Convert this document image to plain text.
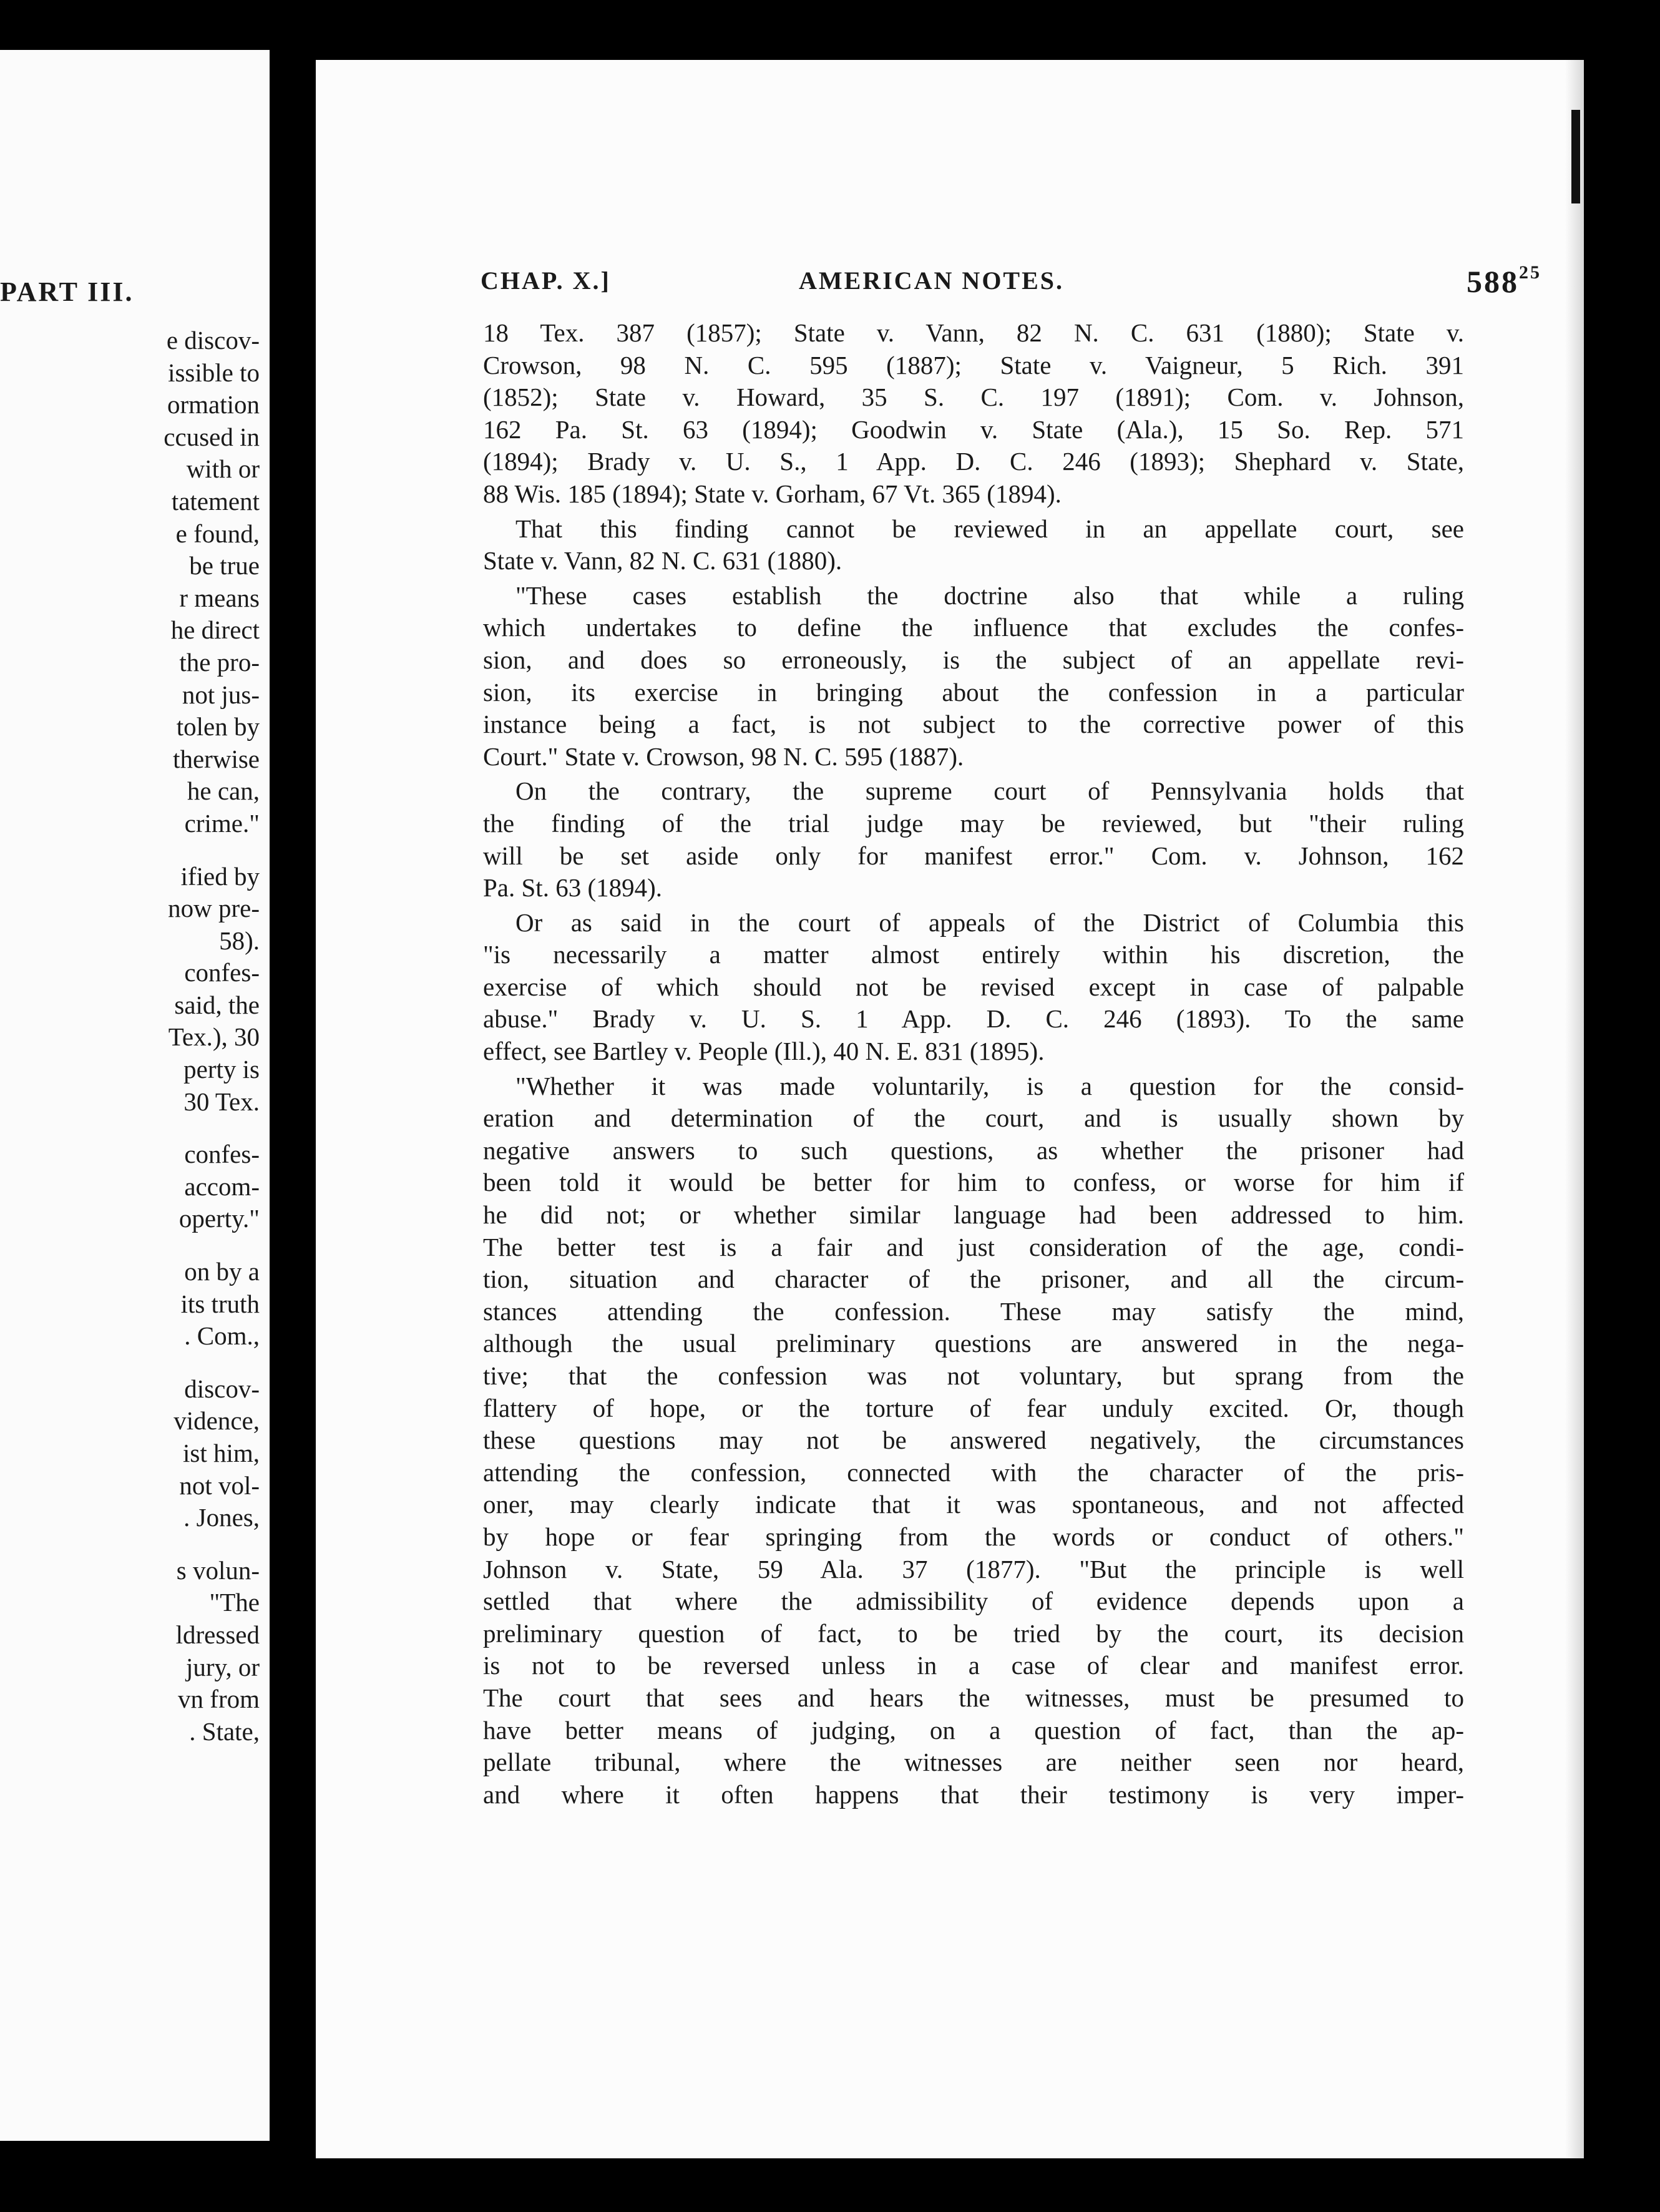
PART III.
e discov-
issible to
ormation
ccused in
with or
tatement
e found,
be true
r means
he direct
the pro-
not jus-
tolen by
therwise
he can,
crime."
ified by
now pre-
58).
confes-
said, the
Tex.), 30
perty is
30 Tex.
confes-
accom-
operty."
on by a
its truth
. Com.,
discov-
vidence,
ist him,
not vol-
. Jones,
s volun-
"The
ldressed
jury, or
vn from
. State,
CHAP. X.]	AMERICAN NOTES.	$588^{25}$
18 Tex. 387 (1857); State v. Vann, 82 N. C. 631 (1880); State v.
Crowson, 98 N. C. 595 (1887); State v. Vaigneur, 5 Rich. 391
(1852); State v. Howard, 35 S. C. 197 (1891); Com. v. Johnson,
162 Pa. St. 63 (1894); Goodwin v. State (Ala.), 15 So. Rep. 571
(1894); Brady v. U. S., 1 App. D. C. 246 (1893); Shephard v. State,
88 Wis. 185 (1894); State v. Gorham, 67 Vt. 365 (1894).
That this finding cannot be reviewed in an appellate court, see
State v. Vann, 82 N. C. 631 (1880).
"These cases establish the doctrine also that while a ruling
which undertakes to define the influence that excludes the confes-
sion, and does so erroneously, is the subject of an appellate revi-
sion, its exercise in bringing about the confession in a particular
instance being a fact, is not subject to the corrective power of this
Court." State v. Crowson, 98 N. C. 595 (1887).
On the contrary, the supreme court of Pennsylvania holds that
the finding of the trial judge may be reviewed, but "their ruling
will be set aside only for manifest error." Com. v. Johnson, 162
Pa. St. 63 (1894).
Or as said in the court of appeals of the District of Columbia this
"is necessarily a matter almost entirely within his discretion, the
exercise of which should not be revised except in case of palpable
abuse." Brady v. U. S. 1 App. D. C. 246 (1893). To the same
effect, see Bartley v. People (Ill.), 40 N. E. 831 (1895).
"Whether it was made voluntarily, is a question for the consid-
eration and determination of the court, and is usually shown by
negative answers to such questions, as whether the prisoner had
been told it would be better for him to confess, or worse for him if
he did not; or whether similar language had been addressed to him.
The better test is a fair and just consideration of the age, condi-
tion, situation and character of the prisoner, and all the circum-
stances attending the confession. These may satisfy the mind,
although the usual preliminary questions are answered in the nega-
tive; that the confession was not voluntary, but sprang from the
flattery of hope, or the torture of fear unduly excited. Or, though
these questions may not be answered negatively, the circumstances
attending the confession, connected with the character of the pris-
oner, may clearly indicate that it was spontaneous, and not affected
by hope or fear springing from the words or conduct of others."
Johnson v. State, 59 Ala. 37 (1877). "But the principle is well
settled that where the admissibility of evidence depends upon a
preliminary question of fact, to be tried by the court, its decision
is not to be reversed unless in a case of clear and manifest error.
The court that sees and hears the witnesses, must be presumed to
have better means of judging, on a question of fact, than the ap-
pellate tribunal, where the witnesses are neither seen nor heard,
and where it often happens that their testimony is very imper-
